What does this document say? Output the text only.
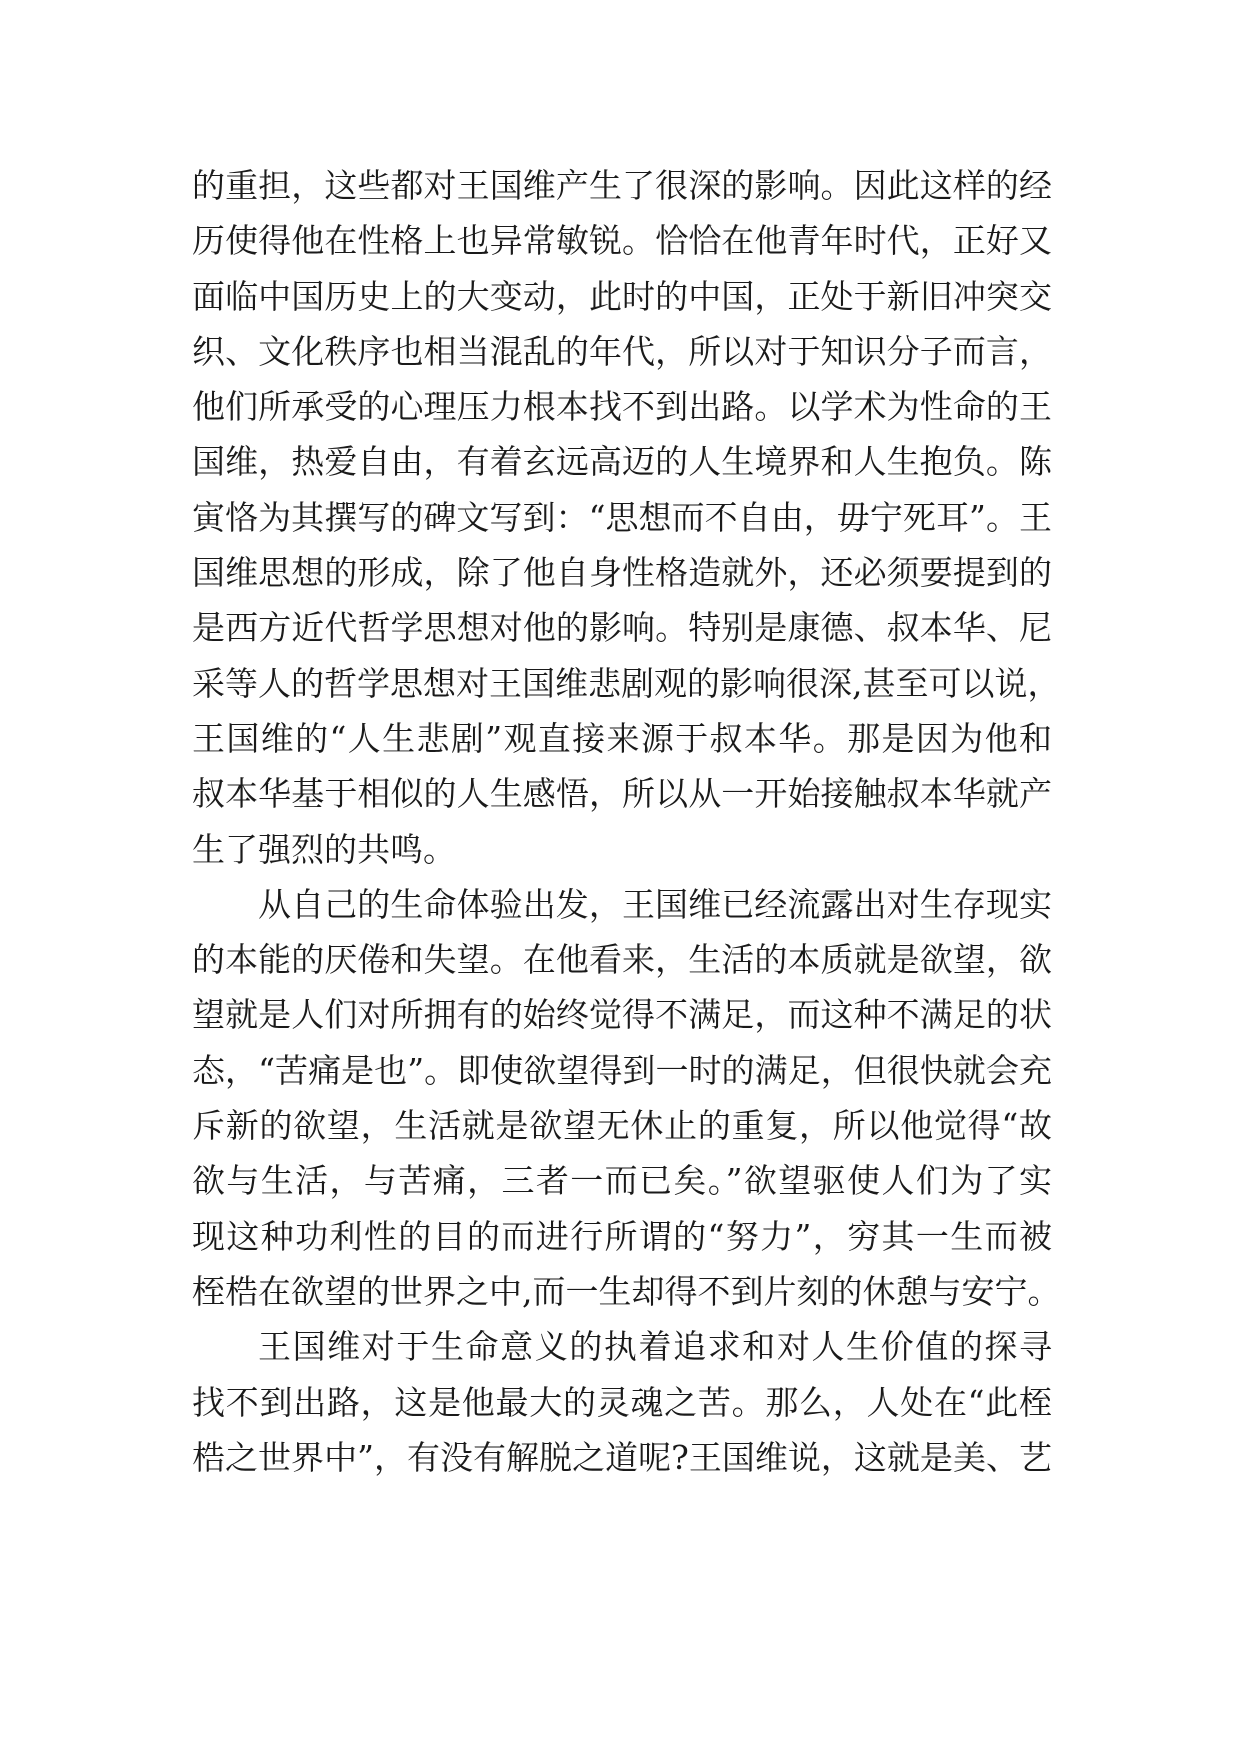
的重担，这些都对王国维产生了很深的影响。因此这样的经
历使得他在性格上也异常敏锐。恰恰在他青年时代，正好又
面临中国历史上的大变动，此时的中国，正处于新旧冲突交
织、文化秩序也相当混乱的年代，所以对于知识分子而言，
他们所承受的心理压力根本找不到出路。以学术为性命的王
国维，热爱自由，有着玄远高迈的人生境界和人生抱负。陈
寅恪为其撰写的碑文写到：“思想而不自由，毋宁死耳”。王
国维思想的形成，除了他自身性格造就外，还必须要提到的
是西方近代哲学思想对他的影响。特别是康德、叔本华、尼
采等人的哲学思想对王国维悲剧观的影响很深,甚至可以说，
王国维的“人生悲剧”观直接来源于叔本华。那是因为他和
叔本华基于相似的人生感悟，所以从一开始接触叔本华就产
生了强烈的共鸣。
从自己的生命体验出发，王国维已经流露出对生存现实
的本能的厌倦和失望。在他看来，生活的本质就是欲望，欲
望就是人们对所拥有的始终觉得不满足，而这种不满足的状
态，“苦痛是也”。即使欲望得到一时的满足，但很快就会充
斥新的欲望，生活就是欲望无休止的重复，所以他觉得“故
欲与生活，与苦痛，三者一而已矣。”欲望驱使人们为了实
现这种功利性的目的而进行所谓的“努力”，穷其一生而被
桎梏在欲望的世界之中,而一生却得不到片刻的休憩与安宁。
王国维对于生命意义的执着追求和对人生价值的探寻
找不到出路，这是他最大的灵魂之苦。那么，人处在“此桎
梏之世界中”，有没有解脱之道呢?王国维说，这就是美、艺
